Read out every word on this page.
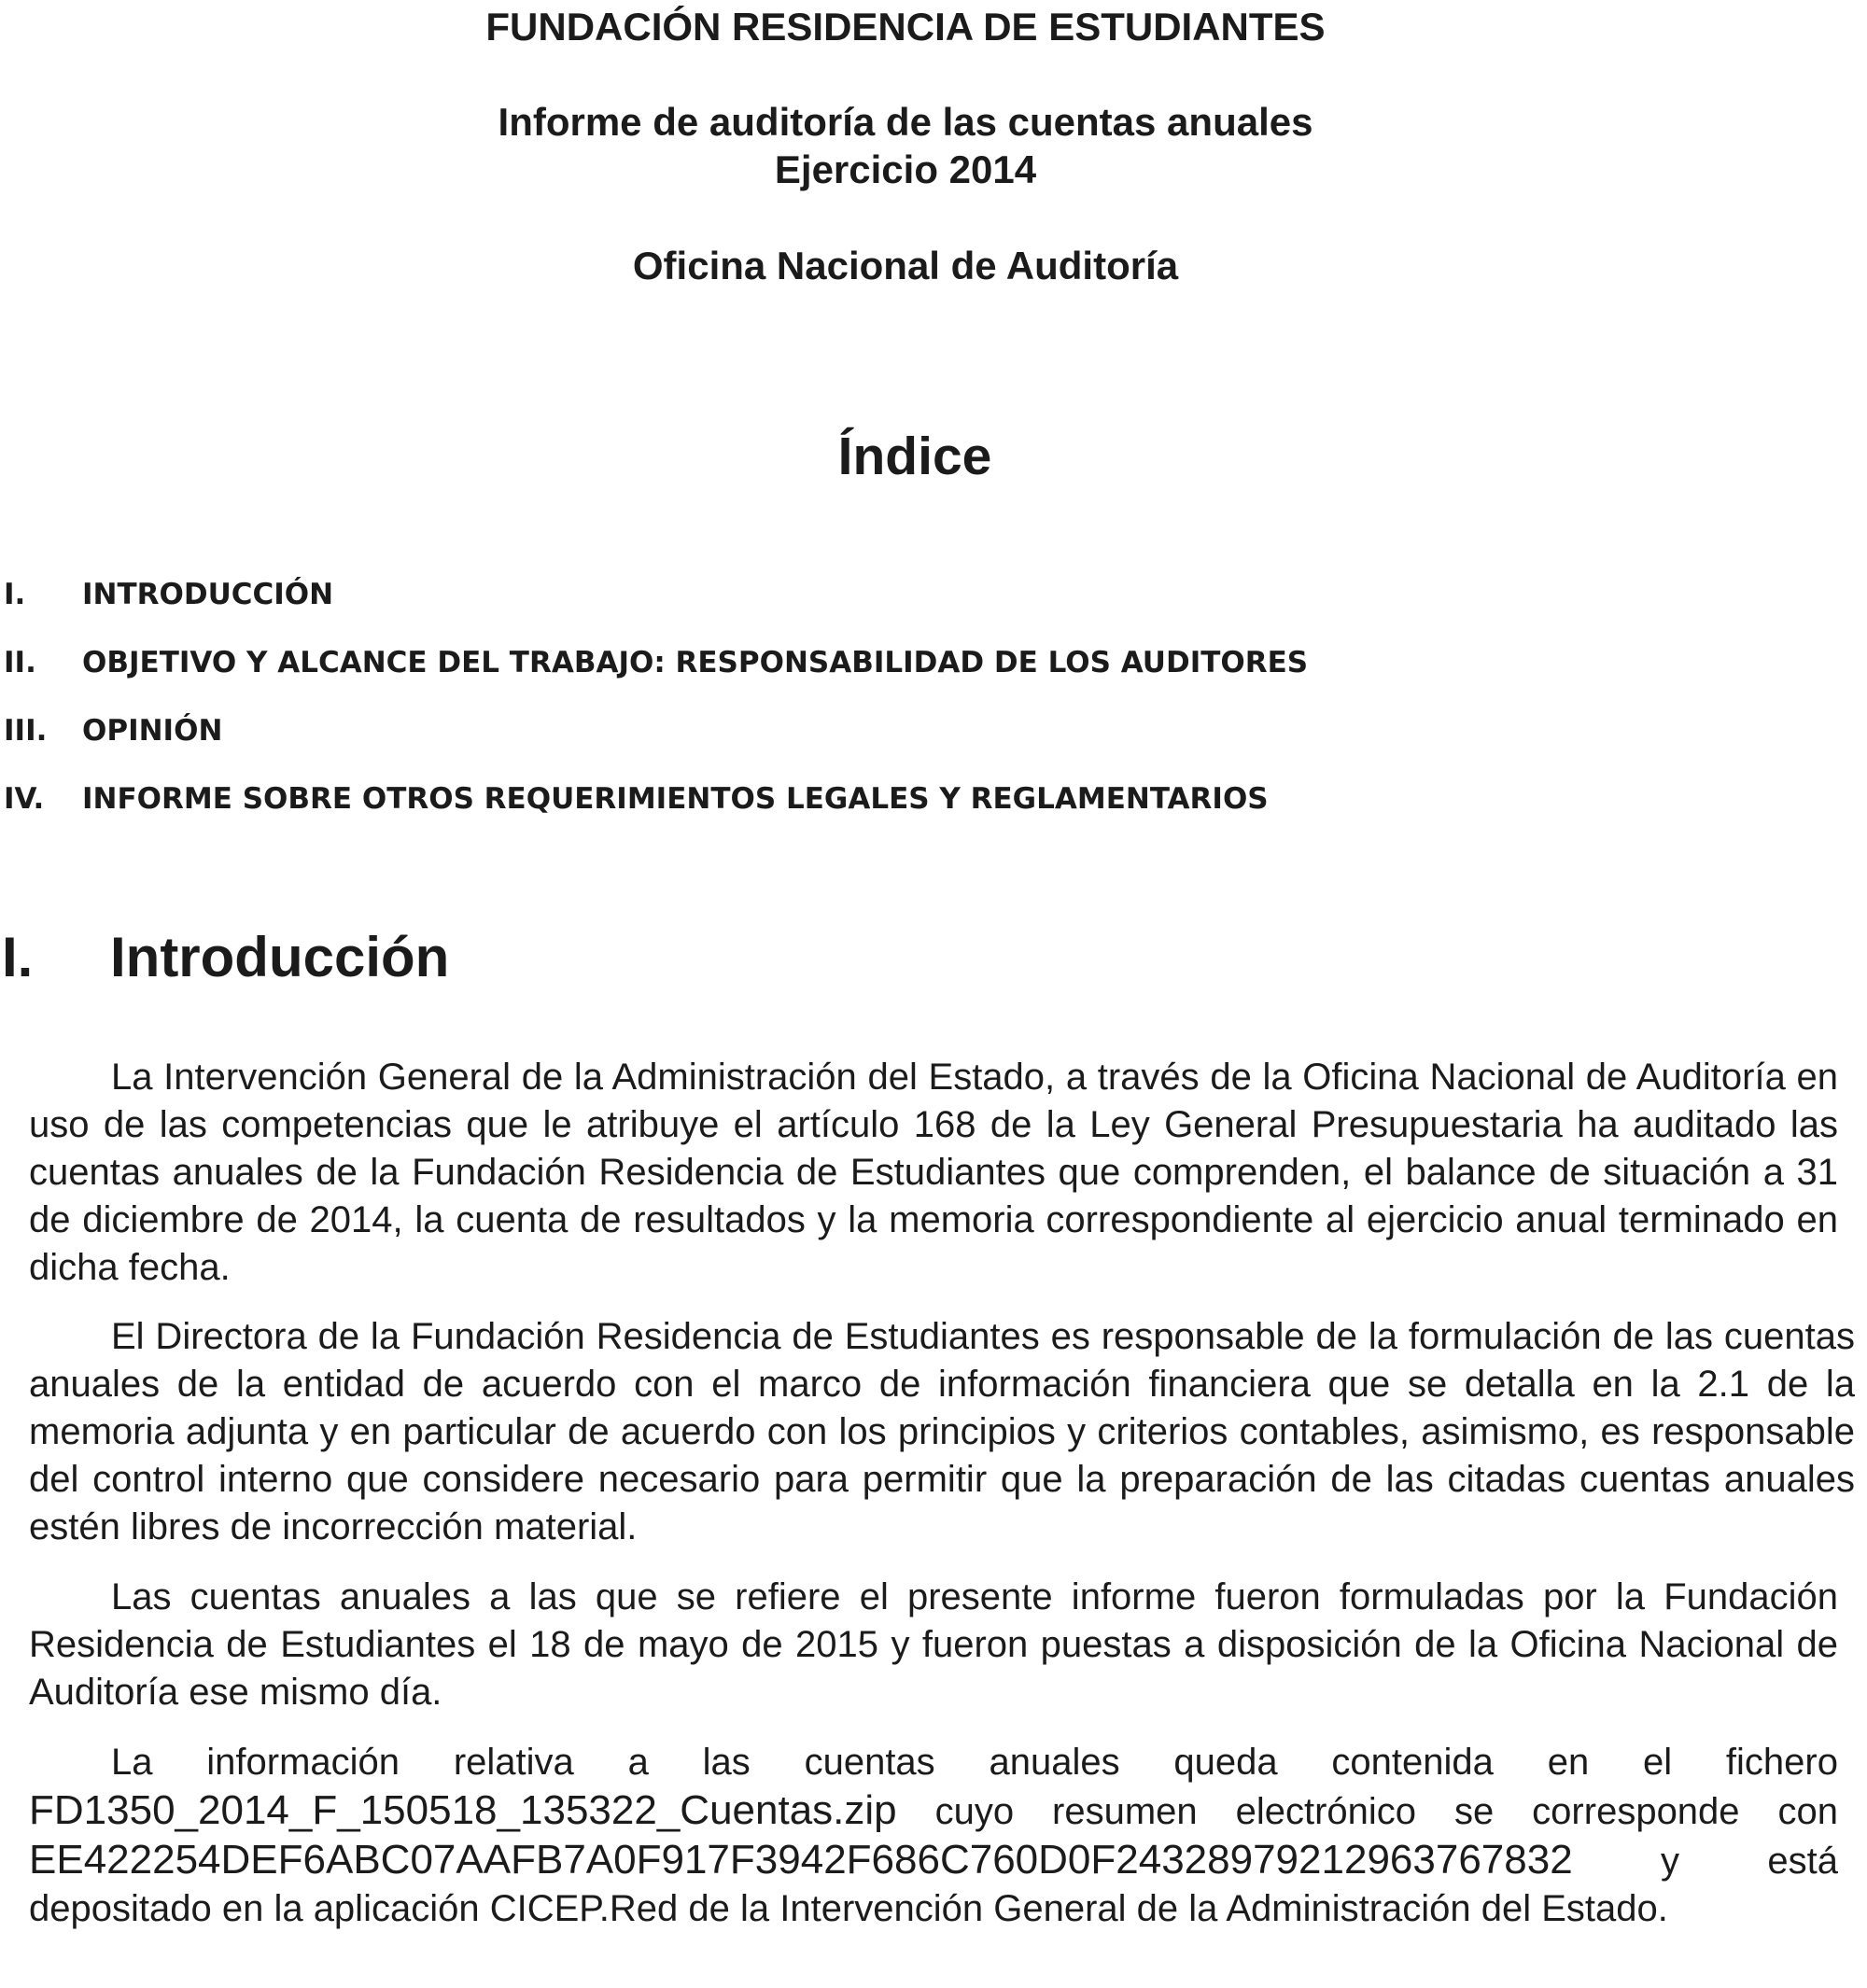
FUNDACIÓN RESIDENCIA DE ESTUDIANTES
Informe de auditoría de las cuentas anuales
Ejercicio 2014
Oficina Nacional de Auditoría
Índice
I. INTRODUCCIÓN
II. OBJETIVO Y ALCANCE DEL TRABAJO: RESPONSABILIDAD DE LOS AUDITORES
III. OPINIÓN
IV. INFORME SOBRE OTROS REQUERIMIENTOS LEGALES Y REGLAMENTARIOS
I. Introducción

La Intervención General de la Administración del Estado, a través de la Oficina Nacional de Auditoría en uso de las competencias que le atribuye el artículo 168 de la Ley General Presupuestaria ha auditado las cuentas anuales de la Fundación Residencia de Estudiantes que comprenden, el balance de situación a 31 de diciembre de 2014, la cuenta de resultados y la memoria correspondiente al ejercicio anual terminado en dicha fecha.

El Directora de la Fundación Residencia de Estudiantes es responsable de la formulación de las cuentas anuales de la entidad de acuerdo con el marco de información financiera que se detalla en la 2.1 de la memoria adjunta y en particular de acuerdo con los principios y criterios contables, asimismo, es responsable del control interno que considere necesario para permitir que la preparación de las citadas cuentas anuales estén libres de incorrección material.

Las cuentas anuales a las que se refiere el presente informe fueron formuladas por la Fundación Residencia de Estudiantes el 18 de mayo de 2015 y fueron puestas a disposición de la Oficina Nacional de Auditoría ese mismo día.

La información relativa a las cuentas anuales queda contenida en el fichero FD1350_2014_F_150518_135322_Cuentas.zip cuyo resumen electrónico se corresponde con EE422254DEF6ABC07AAFB7A0F917F3942F686C760D0F24328979212963767832 y está depositado en la aplicación CICEP.Red de la Intervención General de la Administración del Estado.
